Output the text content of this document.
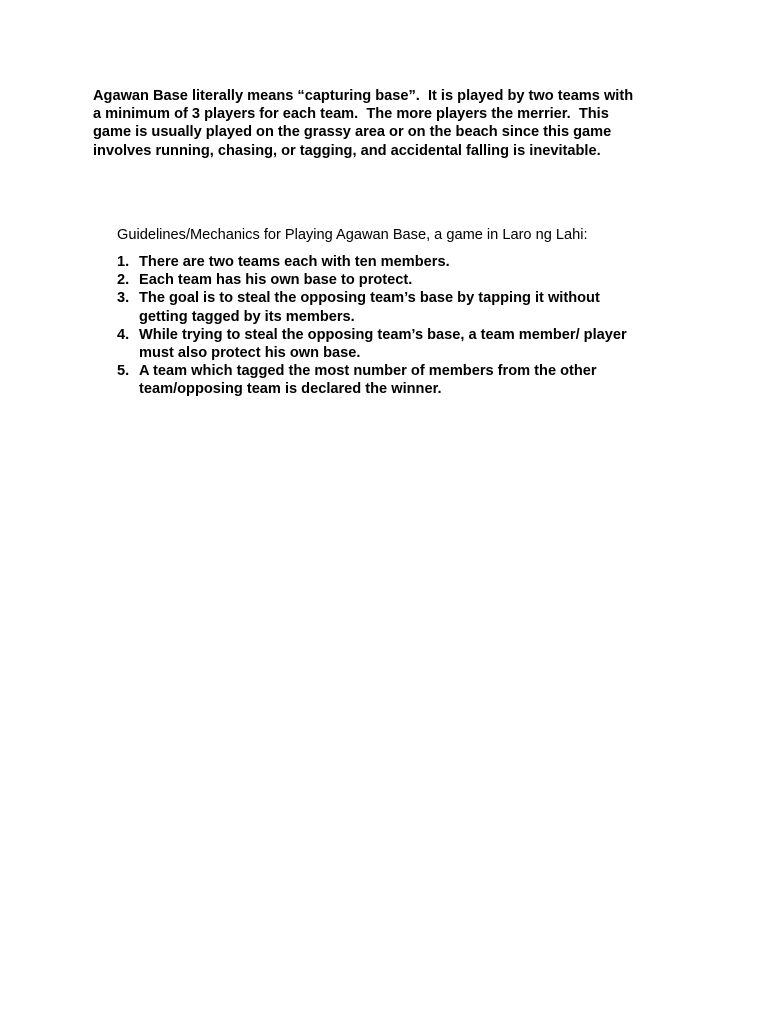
Agawan Base literally means “capturing base”.  It is played by two teams with
a minimum of 3 players for each team.  The more players the merrier.  This
game is usually played on the grassy area or on the beach since this game
involves running, chasing, or tagging, and accidental falling is inevitable.

Guidelines/Mechanics for Playing Agawan Base, a game in Laro ng Lahi:

1. There are two teams each with ten members.
2. Each team has his own base to protect.
3. The goal is to steal the opposing team’s base by tapping it without
getting tagged by its members.
4. While trying to steal the opposing team’s base, a team member/ player
must also protect his own base.
5. A team which tagged the most number of members from the other
team/opposing team is declared the winner.
